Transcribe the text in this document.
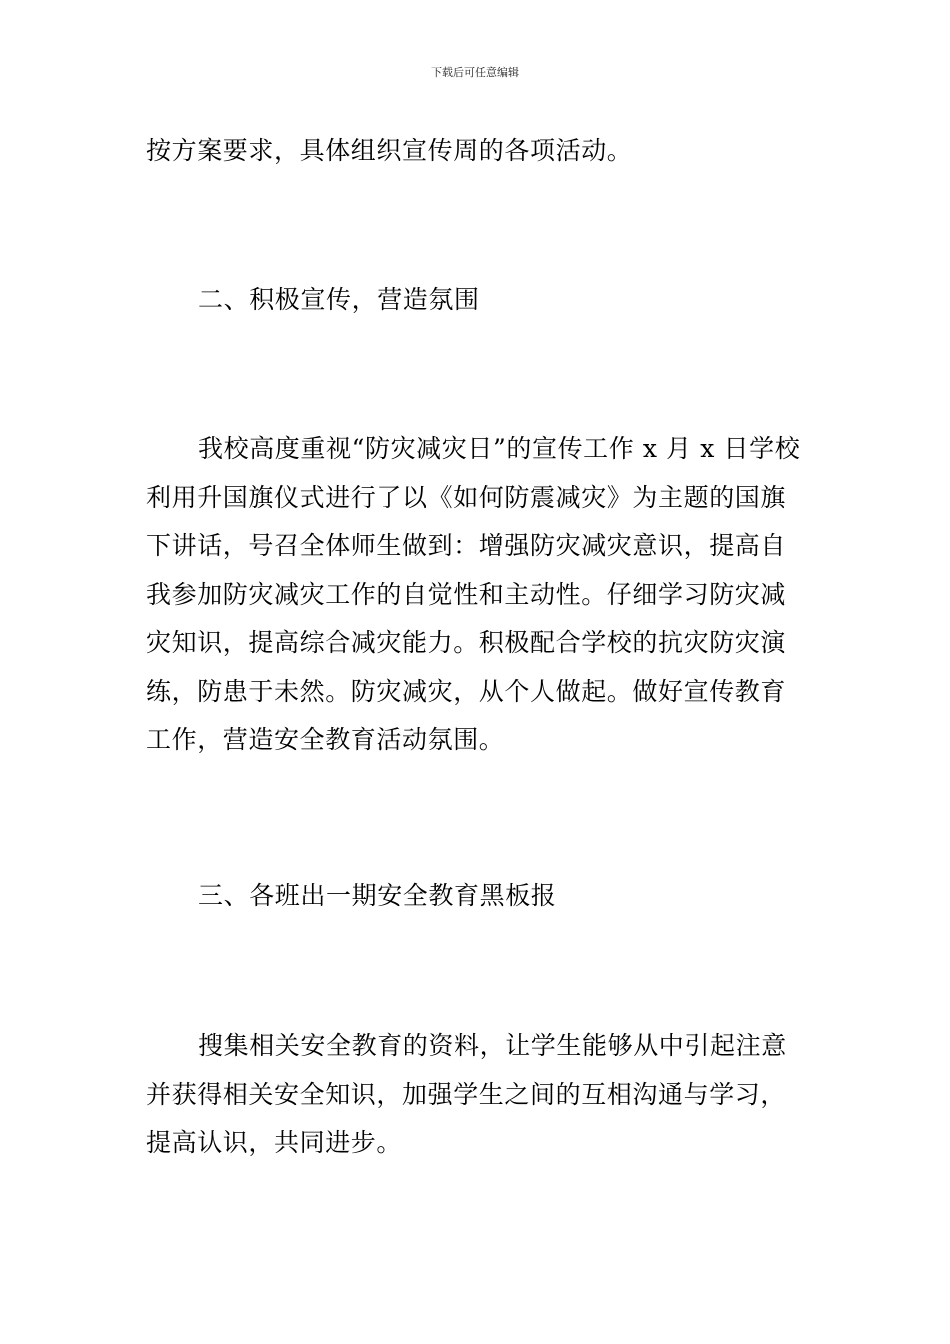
下载后可任意编辑

按方案要求，具体组织宣传周的各项活动。

二、积极宣传，营造氛围

我校高度重视“防灾减灾日”的宣传工作 x 月 x 日学校利用升国旗仪式进行了以《如何防震减灾》为主题的国旗下讲话，号召全体师生做到：增强防灾减灾意识，提高自我参加防灾减灾工作的自觉性和主动性。仔细学习防灾减灾知识，提高综合减灾能力。积极配合学校的抗灾防灾演练，防患于未然。防灾减灾，从个人做起。做好宣传教育工作，营造安全教育活动氛围。

三、各班出一期安全教育黑板报

搜集相关安全教育的资料，让学生能够从中引起注意并获得相关安全知识，加强学生之间的互相沟通与学习，提高认识，共同进步。
